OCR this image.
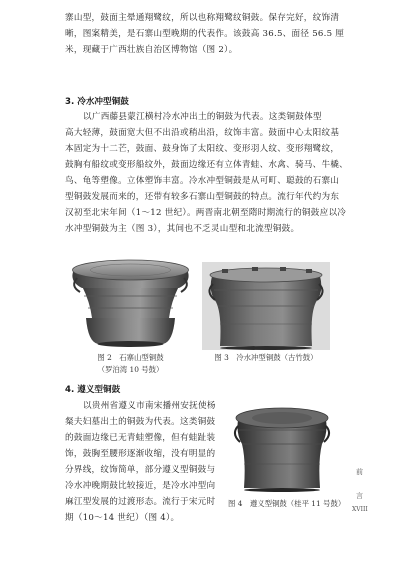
寨山型，鼓面主晕通翔鹭纹，所以也称翔鹭纹铜鼓。保存完好，纹饰清
晰，图案精美，是石寨山型晚期的代表作。该鼓高 36.5、面径 56.5 厘
米，现藏于广西壮族自治区博物馆（图 2）。

3. 冷水冲型铜鼓

以广西藤县蒙江横村冷水冲出土的铜鼓为代表。这类铜鼓体型
高大轻薄，鼓面宽大但不出沿或稍出沿，纹饰丰富。鼓面中心太阳纹基
本固定为十二芒，鼓面、鼓身饰了太阳纹、变形羽人纹、变形翔鹭纹，
鼓胸有船纹或变形船纹外，鼓面边缘还有立体青蛙、水禽、骑马、牛橇、
鸟、龟等塑像。立体塑饰丰富。冷水冲型铜鼓是从可町、聪鼓的石寨山
型铜鼓发展而来的，还带有较多石寨山型铜鼓的特点。流行年代约为东
汉初至北宋年间（1～12 世纪）。两晋南北朝至隋时期流行的铜鼓应以冷
水冲型铜鼓为主（图 3），其间也不乏灵山型和北流型铜鼓。

图 2　石寨山型铜鼓
（罗泊湾 10 号鼓）
图 3　冷水冲型铜鼓（古竹鼓）
4. 遵义型铜鼓

以贵州省遵义市南宋播州安抚使杨
粲夫妇墓出土的铜鼓为代表。这类铜鼓
的鼓面边缘已无青蛙塑像，但有蛙趾装
饰，鼓胸至腰形逐渐收缩，没有明显的
分界线，纹饰简单，部分遵义型铜鼓与
冷水冲晚期鼓比较接近，是冷水冲型向
麻江型发展的过渡形态。流行于宋元时
期（10～14 世纪）（图 4）。

图 4　遵义型铜鼓（桂平 11 号鼓）
前
言
XVIII
